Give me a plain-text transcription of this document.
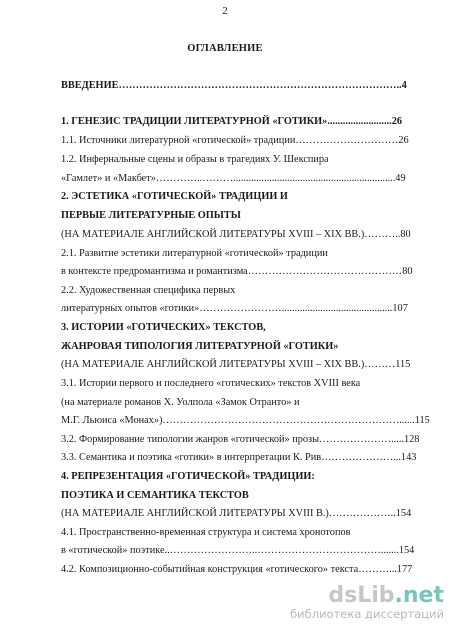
2
ОГЛАВЛЕНИЕ
ВВЕДЕНИЕ………………………………………………………………………..4
1. ГЕНЕЗИС ТРАДИЦИИ ЛИТЕРАТУРНОЙ «ГОТИКИ».........................26
1.1. Источники литературной «готической» традиции…………………………26
1.2. Инфернальные сцены и образы в трагедиях У. Шекспира
«Гамлет» и «Макбет»…………..………...............................................................49
2. ЭСТЕТИКА «ГОТИЧЕСКОЙ» ТРАДИЦИИ И
ПЕРВЫЕ ЛИТЕРАТУРНЫЕ ОПЫТЫ
(НА МАТЕРИАЛЕ АНГЛИЙСКОЙ ЛИТЕРАТУРЫ XVIII – XIX ВВ.)………..80
2.1. Развитие эстетики литературной «готической» традиции
в контексте предромантизма и романтизма………………………………………80
2.2. Художественная специфика первых
литературных опытов «готики»……………………...........................................107
3. ИСТОРИИ «ГОТИЧЕСКИХ» ТЕКСТОВ,
ЖАНРОВАЯ ТИПОЛОГИЯ ЛИТЕРАТУРНОЙ «ГОТИКИ»
(НА МАТЕРИАЛЕ АНГЛИЙСКОЙ ЛИТЕРАТУРЫ XVIII – XIX ВВ.)………115
3.1. Истории первого и последнего «готических» текстов XVIII века
(на материале романов Х. Уолпола «Замок Отранто» и
М.Г. Льюиса «Монах»)……………………………………………………………......115
3.2. Формирование типологии жанров «готической» прозы………………….....128
3.3. Семантика и поэтика «готики» в интерпретации К. Рив…………………...143
4. РЕПРЕЗЕНТАЦИЯ «ГОТИЧЕСКОЙ» ТРАДИЦИИ:
ПОЭТИКА И СЕМАНТИКА ТЕКСТОВ
(НА МАТЕРИАЛЕ АНГЛИЙСКОЙ ЛИТЕРАТУРЫ XVIII В.)………………..154
4.1. Пространственно-временная структура и система хронотопов
в «готической» поэтике..……………………..……………………………….......154
4.2. Композиционно-событийная конструкция «готического» текста………...177
dsLib.net
библиотека диссертаций
